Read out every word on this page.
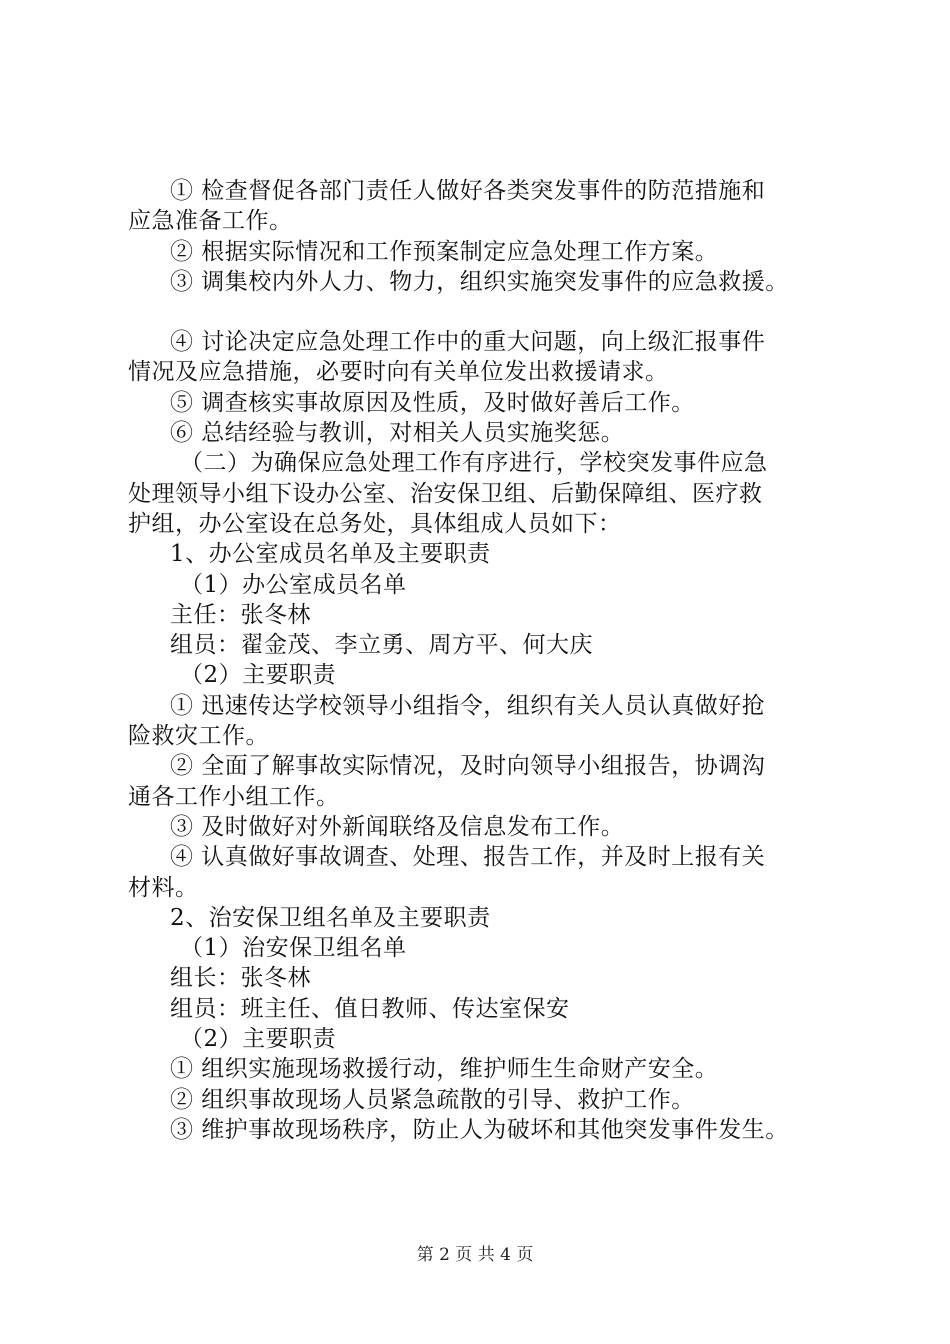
① 检查督促各部门责任人做好各类突发事件的防范措施和

应急准备工作。

② 根据实际情况和工作预案制定应急处理工作方案。

③ 调集校内外人力、物力，组织实施突发事件的应急救援。

④ 讨论决定应急处理工作中的重大问题，向上级汇报事件

情况及应急措施，必要时向有关单位发出救援请求。

⑤ 调查核实事故原因及性质，及时做好善后工作。

⑥ 总结经验与教训，对相关人员实施奖惩。

（二）为确保应急处理工作有序进行，学校突发事件应急

处理领导小组下设办公室、治安保卫组、后勤保障组、医疗救

护组，办公室设在总务处，具体组成人员如下：

1、办公室成员名单及主要职责

（1）办公室成员名单

主任：张冬林

组员：翟金茂、李立勇、周方平、何大庆

（2）主要职责

① 迅速传达学校领导小组指令，组织有关人员认真做好抢

险救灾工作。

② 全面了解事故实际情况，及时向领导小组报告，协调沟

通各工作小组工作。

③ 及时做好对外新闻联络及信息发布工作。

④ 认真做好事故调查、处理、报告工作，并及时上报有关

材料。

2、治安保卫组名单及主要职责

（1）治安保卫组名单

组长：张冬林

组员：班主任、值日教师、传达室保安

（2）主要职责

① 组织实施现场救援行动，维护师生生命财产安全。

② 组织事故现场人员紧急疏散的引导、救护工作。

③ 维护事故现场秩序，防止人为破坏和其他突发事件发生。

第 2 页 共 4 页
